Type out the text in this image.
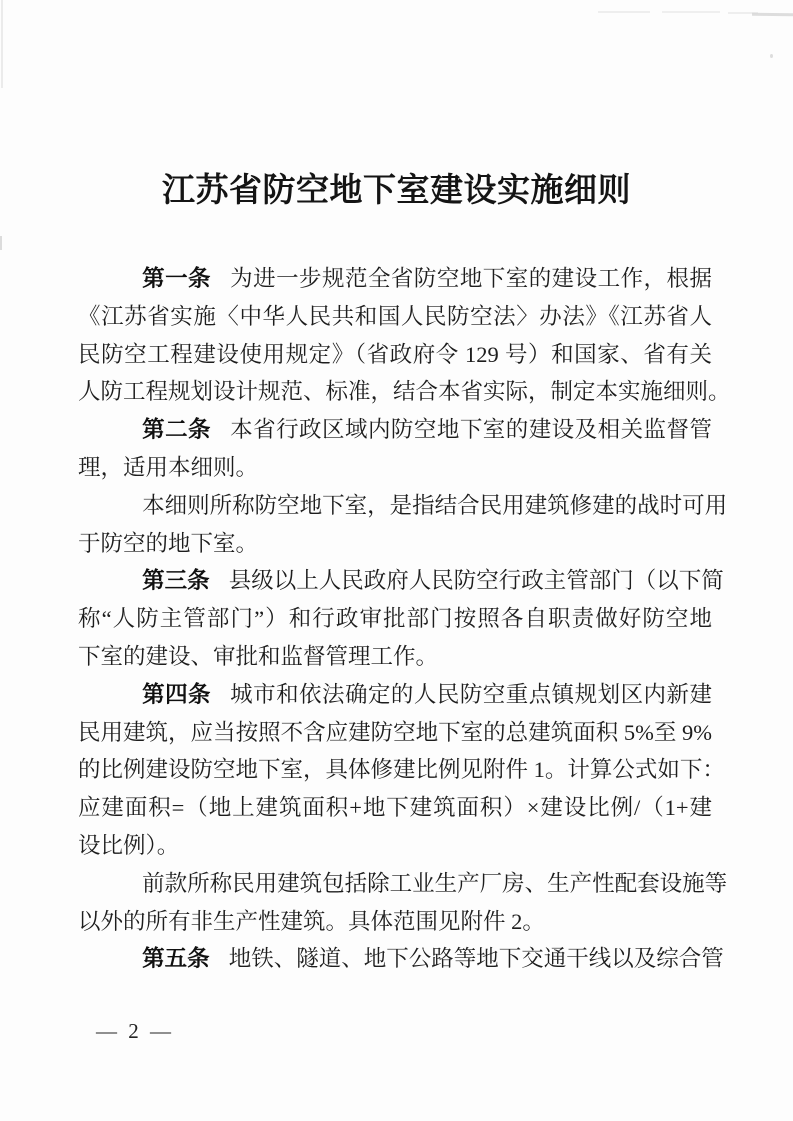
江苏省防空地下室建设实施细则
第一条 为进一步规范全省防空地下室的建设工作，根据
《江苏省实施〈中华人民共和国人民防空法〉办法》《江苏省人
民防空工程建设使用规定》（省政府令 129 号）和国家、省有关
人防工程规划设计规范、标准，结合本省实际，制定本实施细则。
第二条 本省行政区域内防空地下室的建设及相关监督管
理，适用本细则。
本细则所称防空地下室，是指结合民用建筑修建的战时可用
于防空的地下室。
第三条 县级以上人民政府人民防空行政主管部门（以下简
称“人防主管部门”）和行政审批部门按照各自职责做好防空地
下室的建设、审批和监督管理工作。
第四条 城市和依法确定的人民防空重点镇规划区内新建
民用建筑，应当按照不含应建防空地下室的总建筑面积 5%至 9%
的比例建设防空地下室，具体修建比例见附件 1。计算公式如下：
应建面积=（地上建筑面积+地下建筑面积）×建设比例/（1+建
设比例）。
前款所称民用建筑包括除工业生产厂房、生产性配套设施等
以外的所有非生产性建筑。具体范围见附件 2。
第五条 地铁、隧道、地下公路等地下交通干线以及综合管
— 2 —
